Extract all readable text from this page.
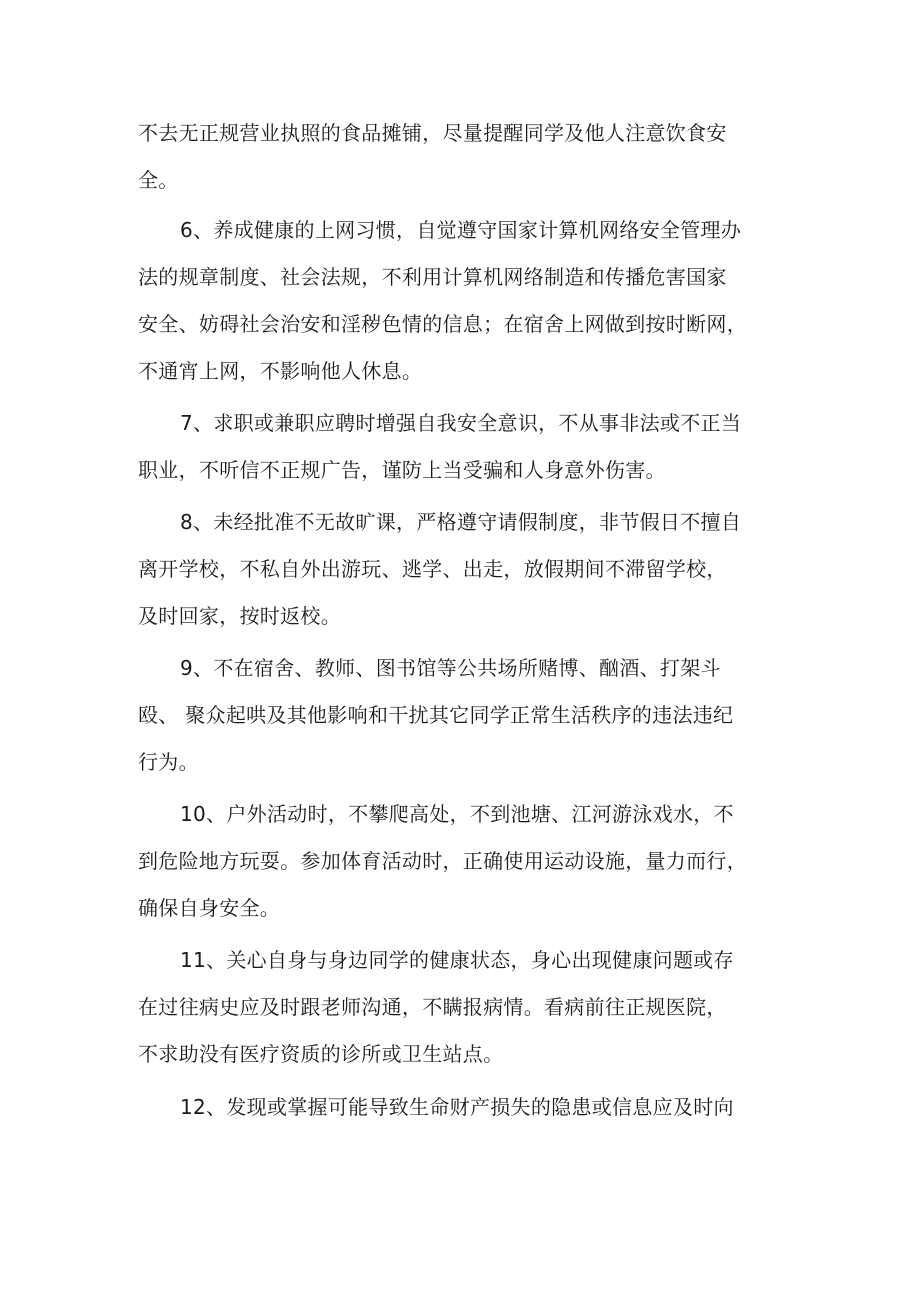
不去无正规营业执照的食品摊铺，尽量提醒同学及他人注意饮食安
全。
6、养成健康的上网习惯，自觉遵守国家计算机网络安全管理办
法的规章制度、社会法规，不利用计算机网络制造和传播危害国家
安全、妨碍社会治安和淫秽色情的信息；在宿舍上网做到按时断网，
不通宵上网，不影响他人休息。
7、求职或兼职应聘时增强自我安全意识，不从事非法或不正当
职业，不听信不正规广告，谨防上当受骗和人身意外伤害。
8、未经批准不无故旷课，严格遵守请假制度，非节假日不擅自
离开学校，不私自外出游玩、逃学、出走，放假期间不滞留学校，
及时回家，按时返校。
9、不在宿舍、教师、图书馆等公共场所赌博、酗酒、打架斗
殴、 聚众起哄及其他影响和干扰其它同学正常生活秩序的违法违纪
行为。
10、户外活动时，不攀爬高处，不到池塘、江河游泳戏水，不
到危险地方玩耍。参加体育活动时，正确使用运动设施，量力而行，
确保自身安全。
11、关心自身与身边同学的健康状态，身心出现健康问题或存
在过往病史应及时跟老师沟通，不瞒报病情。看病前往正规医院，
不求助没有医疗资质的诊所或卫生站点。
12、发现或掌握可能导致生命财产损失的隐患或信息应及时向
